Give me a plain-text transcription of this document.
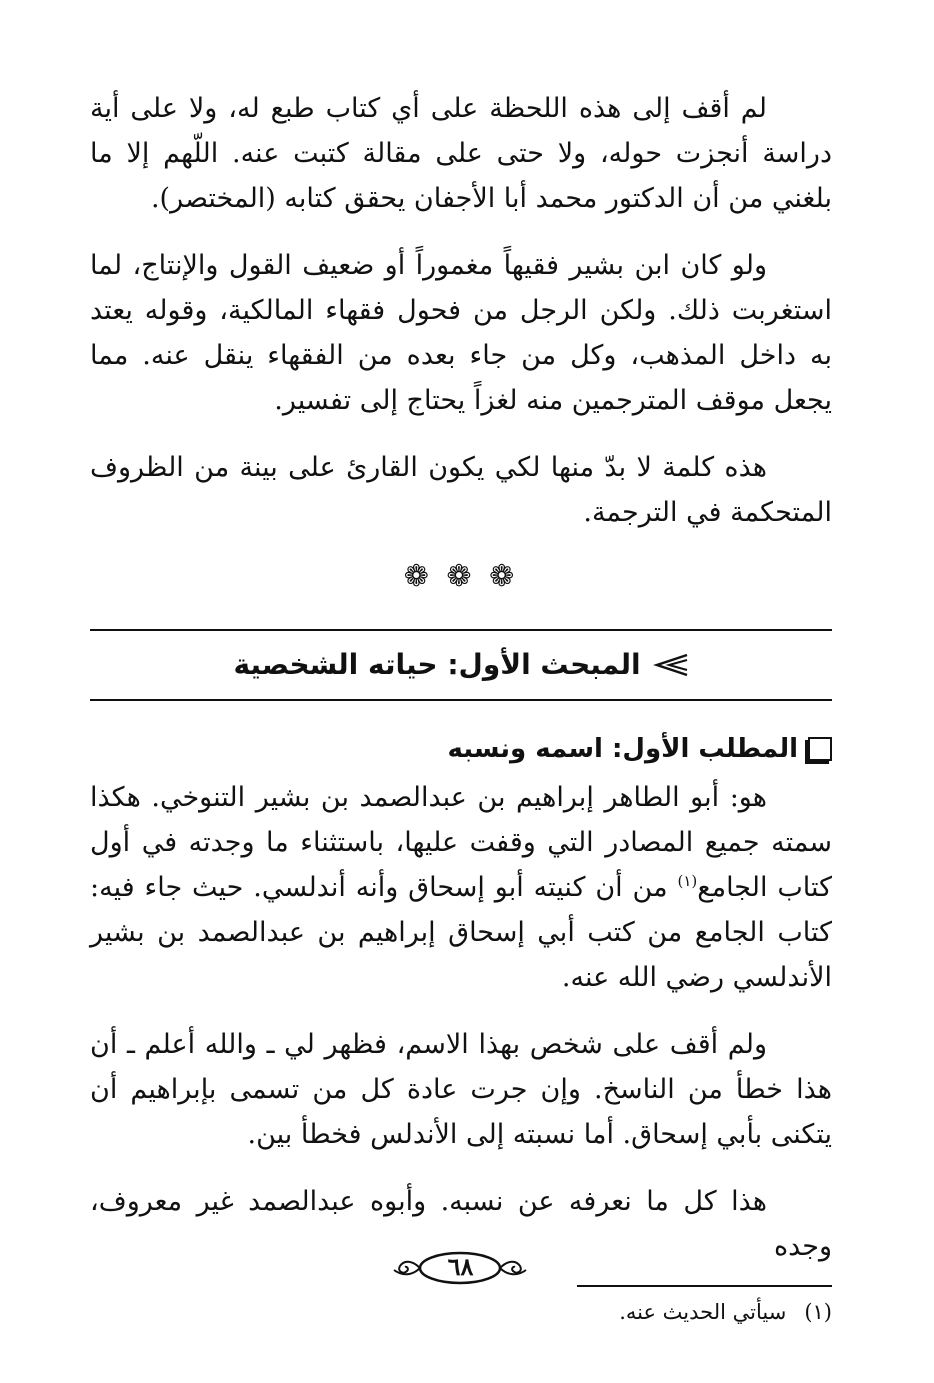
لم أقف إلى هذه اللحظة على أي كتاب طبع له، ولا على أية دراسة أنجزت حوله، ولا حتى على مقالة كتبت عنه. اللّهم إلا ما بلغني من أن الدكتور محمد أبا الأجفان يحقق كتابه (المختصر).

ولو كان ابن بشير فقيهاً مغموراً أو ضعيف القول والإنتاج، لما استغربت ذلك. ولكن الرجل من فحول فقهاء المالكية، وقوله يعتد به داخل المذهب، وكل من جاء بعده من الفقهاء ينقل عنه. مما يجعل موقف المترجمين منه لغزاً يحتاج إلى تفسير.

هذه كلمة لا بدّ منها لكي يكون القارئ على بينة من الظروف المتحكمة في الترجمة.

❁ ❁ ❁
المبحث الأول: حياته الشخصية
المطلب الأول: اسمه ونسبه

هو: أبو الطاهر إبراهيم بن عبدالصمد بن بشير التنوخي. هكذا سمته جميع المصادر التي وقفت عليها، باستثناء ما وجدته في أول كتاب الجامع$^{(١)}$ من أن كنيته أبو إسحاق وأنه أندلسي. حيث جاء فيه: كتاب الجامع من كتب أبي إسحاق إبراهيم بن عبدالصمد بن بشير الأندلسي رضي الله عنه.

ولم أقف على شخص بهذا الاسم، فظهر لي ـ والله أعلم ـ أن هذا خطأ من الناسخ. وإن جرت عادة كل من تسمى بإبراهيم أن يتكنى بأبي إسحاق. أما نسبته إلى الأندلس فخطأ بين.

هذا كل ما نعرفه عن نسبه. وأبوه عبدالصمد غير معروف، وجده

(١)
سيأتي الحديث عنه.
٦٨
